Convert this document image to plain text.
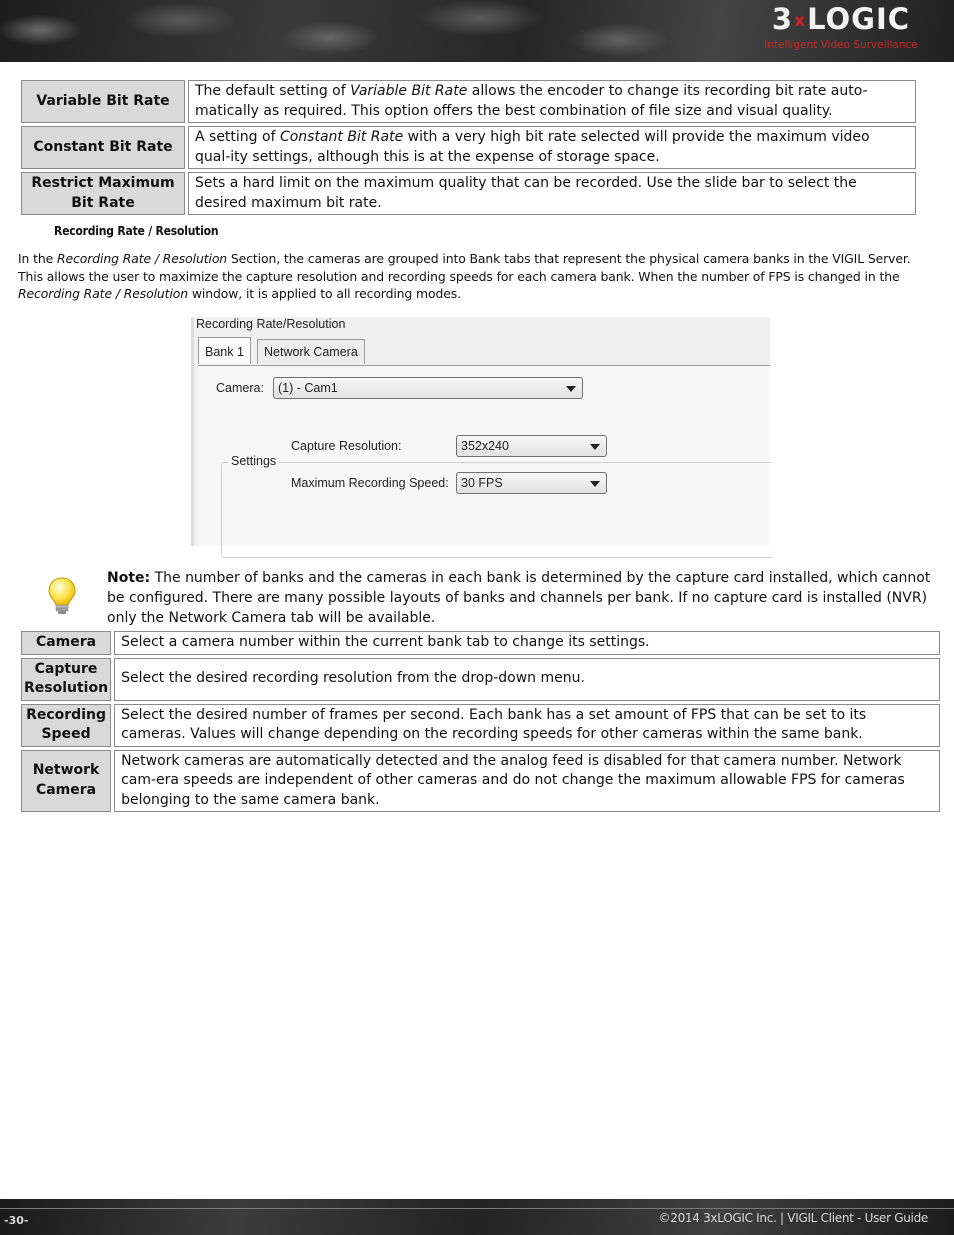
3xLOGIC
Intelligent Video Surveillance
Variable Bit Rate	The default setting of Variable Bit Rate allows the encoder to change its recording bit rate auto-matically as required. This option offers the best combination of file size and visual quality.
Constant Bit Rate	A setting of Constant Bit Rate with a very high bit rate selected will provide the maximum video qual-ity settings, although this is at the expense of storage space.
Restrict Maximum Bit Rate	Sets a hard limit on the maximum quality that can be recorded. Use the slide bar to select the desired maximum bit rate.
Recording Rate / Resolution
In the Recording Rate / Resolution Section, the cameras are grouped into Bank tabs that represent the physical camera banks in the VIGIL Server. This allows the user to maximize the capture resolution and recording speeds for each camera bank. When the number of FPS is changed in the Recording Rate / Resolution window, it is applied to all recording modes.
Recording Rate/Resolution
Bank 1	Network Camera
Camera:	(1) - Cam1
Settings
Capture Resolution:	352x240
Maximum Recording Speed: 30 FPS
Note: The number of banks and the cameras in each bank is determined by the capture card installed, which cannot be configured. There are many possible layouts of banks and channels per bank. If no capture card is installed (NVR) only the Network Camera tab will be available.
Camera	Select a camera number within the current bank tab to change its settings.
Capture Resolution	Select the desired recording resolution from the drop-down menu.
Recording Speed	Select the desired number of frames per second. Each bank has a set amount of FPS that can be set to its cameras. Values will change depending on the recording speeds for other cameras within the same bank.
Network Camera	Network cameras are automatically detected and the analog feed is disabled for that camera number. Network cam-era speeds are independent of other cameras and do not change the maximum allowable FPS for cameras belonging to the same camera bank.
-30-	©2014 3xLOGIC Inc. | VIGIL Client - User Guide
